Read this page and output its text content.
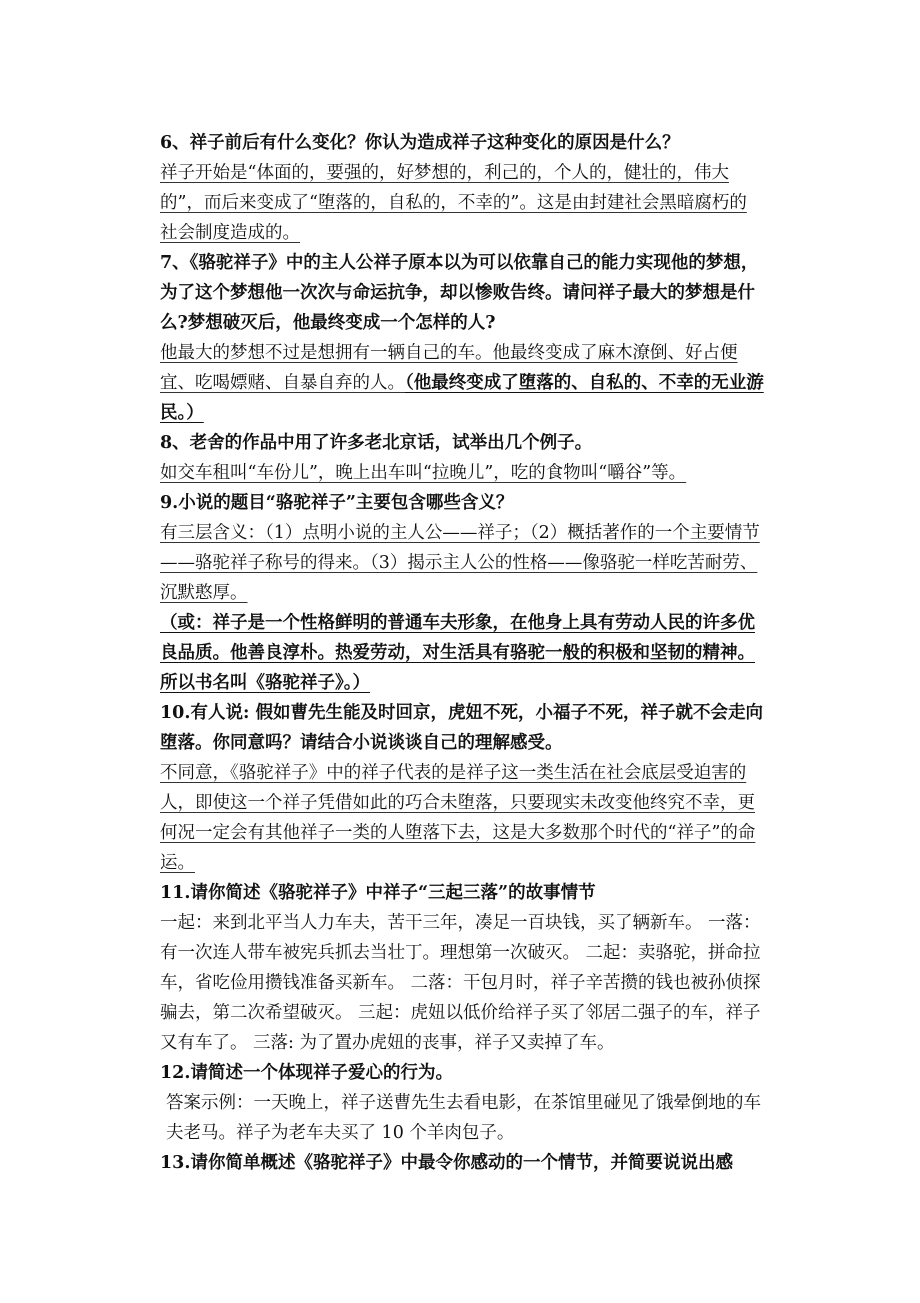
6、祥子前后有什么变化？你认为造成祥子这种变化的原因是什么？

祥子开始是“体面的，要强的，好梦想的，利己的，个人的，健壮的，伟大的”，而后来变成了“堕落的，自私的，不幸的”。这是由封建社会黑暗腐朽的社会制度造成的。

7、《骆驼祥子》中的主人公祥子原本以为可以依靠自己的能力实现他的梦想，为了这个梦想他一次次与命运抗争，却以惨败告终。请问祥子最大的梦想是什么?梦想破灭后，他最终变成一个怎样的人?

他最大的梦想不过是想拥有一辆自己的车。他最终变成了麻木潦倒、好占便宜、吃喝嫖赌、自暴自弃的人。（他最终变成了堕落的、自私的、不幸的无业游民。）

8、老舍的作品中用了许多老北京话，试举出几个例子。

如交车租叫“车份儿”，晚上出车叫“拉晚儿”，吃的食物叫“嚼谷”等。

9.小说的题目“骆驼祥子”主要包含哪些含义？

有三层含义：（1）点明小说的主人公——祥子；（2）概括著作的一个主要情节——骆驼祥子称号的得来。（3）揭示主人公的性格——像骆驼一样吃苦耐劳、沉默憨厚。

（或：祥子是一个性格鲜明的普通车夫形象，在他身上具有劳动人民的许多优良品质。他善良淳朴。热爱劳动，对生活具有骆驼一般的积极和坚韧的精神。所以书名叫《骆驼祥子》。）

10.有人说: 假如曹先生能及时回京，虎妞不死，小福子不死，祥子就不会走向堕落。你同意吗？请结合小说谈谈自己的理解感受。

不同意，《骆驼祥子》中的祥子代表的是祥子这一类生活在社会底层受迫害的人，即使这一个祥子凭借如此的巧合未堕落，只要现实未改变他终究不幸，更何况一定会有其他祥子一类的人堕落下去，这是大多数那个时代的“祥子”的命运。

11.请你简述《骆驼祥子》中祥子“三起三落”的故事情节

一起：来到北平当人力车夫，苦干三年，凑足一百块钱，买了辆新车。 一落：有一次连人带车被宪兵抓去当壮丁。理想第一次破灭。 二起：卖骆驼，拼命拉车，省吃俭用攒钱准备买新车。 二落：干包月时，祥子辛苦攒的钱也被孙侦探骗去，第二次希望破灭。 三起：虎妞以低价给祥子买了邻居二强子的车，祥子又有车了。 三落: 为了置办虎妞的丧事，祥子又卖掉了车。

12.请简述一个体现祥子爱心的行为。

答案示例：一天晚上，祥子送曹先生去看电影，在茶馆里碰见了饿晕倒地的车夫老马。祥子为老车夫买了 10 个羊肉包子。

13.请你简单概述《骆驼祥子》中最令你感动的一个情节，并简要说说出感
